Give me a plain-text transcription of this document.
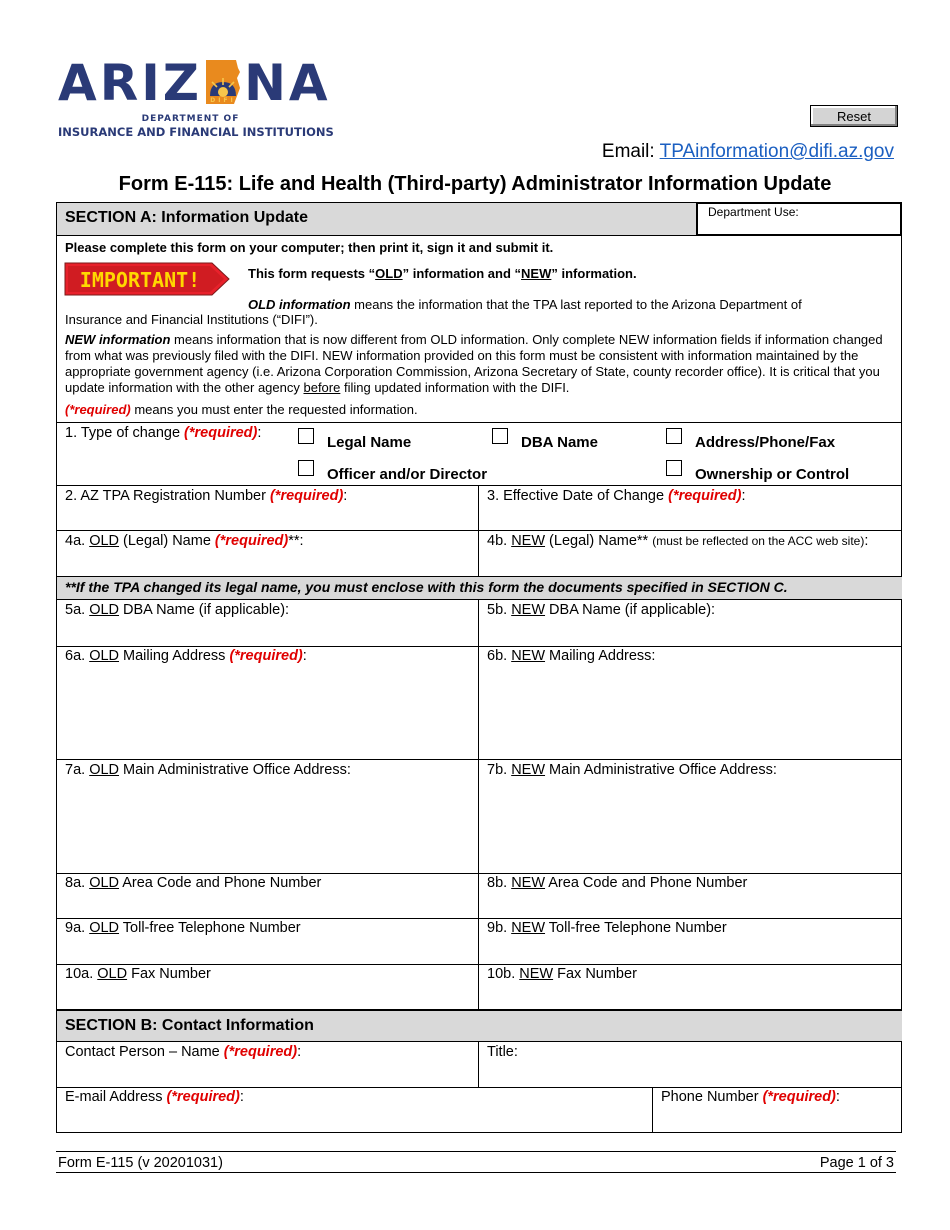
ARIZ DIFI NA
DEPARTMENT OF
INSURANCE AND FINANCIAL INSTITUTIONS
Reset
Email: TPAinformation@difi.az.gov
Form E-115: Life and Health (Third-party) Administrator Information Update
SECTION A: Information Update	Department Use:
Please complete this form on your computer; then print it, sign it and submit it.
IMPORTANT!	This form requests “OLD” information and “NEW” information.
OLD information means the information that the TPA last reported to the Arizona Department of
Insurance and Financial Institutions (“DIFI”).
NEW information means information that is now different from OLD information. Only complete NEW information fields if information changed from what was previously filed with the DIFI. NEW information provided on this form must be consistent with information maintained by the appropriate government agency (i.e. Arizona Corporation Commission, Arizona Secretary of State, county recorder office). It is critical that you update information with the other agency before filing updated information with the DIFI.
(*required) means you must enter the requested information.
1. Type of change (*required):
Legal Name	DBA Name	Address/Phone/Fax
Officer and/or Director	Ownership or Control
2. AZ TPA Registration Number (*required):	3. Effective Date of Change (*required):
4a. OLD (Legal) Name (*required)**:	4b. NEW (Legal) Name** (must be reflected on the ACC web site):
**If the TPA changed its legal name, you must enclose with this form the documents specified in SECTION C.
5a. OLD DBA Name (if applicable):	5b. NEW DBA Name (if applicable):
6a. OLD Mailing Address (*required):	6b. NEW Mailing Address:
7a. OLD Main Administrative Office Address:	7b. NEW Main Administrative Office Address:
8a. OLD Area Code and Phone Number	8b. NEW Area Code and Phone Number
9a. OLD Toll-free Telephone Number	9b. NEW Toll-free Telephone Number
10a. OLD Fax Number	10b. NEW Fax Number
SECTION B: Contact Information
Contact Person – Name (*required):	Title:
E-mail Address (*required):	Phone Number (*required):
Form E-115 (v 20201031)	Page 1 of 3
